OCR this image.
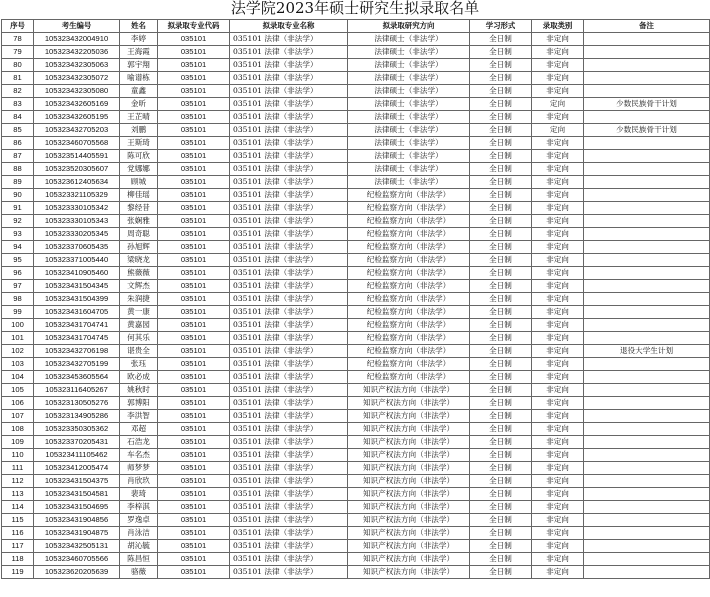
法学院2023年硕士研究生拟录取名单
序号	考生编号	姓名	拟录取专业代码	拟录取专业名称	拟录取研究方向	学习形式	录取类别	备注
78	105323432004910	李婷	035101	035101 法律（非法学）	法律硕士（非法学）	全日制	非定向	
79	105323432205036	王海霞	035101	035101 法律（非法学）	法律硕士（非法学）	全日制	非定向	
80	105323432305063	郭宇翔	035101	035101 法律（非法学）	法律硕士（非法学）	全日制	非定向	
81	105323432305072	喻谱栋	035101	035101 法律（非法学）	法律硕士（非法学）	全日制	非定向	
82	105323432305080	童鑫	035101	035101 法律（非法学）	法律硕士（非法学）	全日制	非定向	
83	105323432605169	金昕	035101	035101 法律（非法学）	法律硕士（非法学）	全日制	定向	少数民族骨干计划
84	105323432605195	王芷晴	035101	035101 法律（非法学）	法律硕士（非法学）	全日制	非定向	
85	105323432705203	刘鹏	035101	035101 法律（非法学）	法律硕士（非法学）	全日制	定向	少数民族骨干计划
86	105323460705568	王斯琦	035101	035101 法律（非法学）	法律硕士（非法学）	全日制	非定向	
87	105323514405591	陈可欣	035101	035101 法律（非法学）	法律硕士（非法学）	全日制	非定向	
88	105323520305607	党娜娜	035101	035101 法律（非法学）	法律硕士（非法学）	全日制	非定向	
89	105323612405634	顾城	035101	035101 法律（非法学）	法律硕士（非法学）	全日制	非定向	
90	105323321105329	柳佳瑶	035101	035101 法律（非法学）	纪检监察方向（非法学）	全日制	非定向	
91	105323330105342	黎经昔	035101	035101 法律（非法学）	纪检监察方向（非法学）	全日制	非定向	
92	105323330105343	张娴雅	035101	035101 法律（非法学）	纪检监察方向（非法学）	全日制	非定向	
93	105323330205345	周奇聪	035101	035101 法律（非法学）	纪检监察方向（非法学）	全日制	非定向	
94	105323370605435	孙旭辉	035101	035101 法律（非法学）	纪检监察方向（非法学）	全日制	非定向	
95	105323371005440	梁晓龙	035101	035101 法律（非法学）	纪检监察方向（非法学）	全日制	非定向	
96	105323410905460	熊薇薇	035101	035101 法律（非法学）	纪检监察方向（非法学）	全日制	非定向	
97	105323431504345	文辉杰	035101	035101 法律（非法学）	纪检监察方向（非法学）	全日制	非定向	
98	105323431504399	朱润捷	035101	035101 法律（非法学）	纪检监察方向（非法学）	全日制	非定向	
99	105323431604705	黄一康	035101	035101 法律（非法学）	纪检监察方向（非法学）	全日制	非定向	
100	105323431704741	黄嘉园	035101	035101 法律（非法学）	纪检监察方向（非法学）	全日制	非定向	
101	105323431704745	何其乐	035101	035101 法律（非法学）	纪检监察方向（非法学）	全日制	非定向	
102	105323432706198	谌贵全	035101	035101 法律（非法学）	纪检监察方向（非法学）	全日制	非定向	退役大学生计划
103	105323432705199	张珏	035101	035101 法律（非法学）	纪检监察方向（非法学）	全日制	非定向	
104	105323453605564	欧必成	035101	035101 法律（非法学）	纪检监察方向（非法学）	全日制	非定向	
105	105323116405267	姚秋时	035101	035101 法律（非法学）	知识产权法方向（非法学）	全日制	非定向	
106	105323130505276	郭博阳	035101	035101 法律（非法学）	知识产权法方向（非法学）	全日制	非定向	
107	105323134905286	李洪智	035101	035101 法律（非法学）	知识产权法方向（非法学）	全日制	非定向	
108	105323350305362	邓超	035101	035101 法律（非法学）	知识产权法方向（非法学）	全日制	非定向	
109	105323370205431	石浩龙	035101	035101 法律（非法学）	知识产权法方向（非法学）	全日制	非定向	
110	105323411105462	车名杰	035101	035101 法律（非法学）	知识产权法方向（非法学）	全日制	非定向	
111	105323412005474	师梦梦	035101	035101 法律（非法学）	知识产权法方向（非法学）	全日制	非定向	
112	105323431504375	肖欣玖	035101	035101 法律（非法学）	知识产权法方向（非法学）	全日制	非定向	
113	105323431504581	裴琦	035101	035101 法律（非法学）	知识产权法方向（非法学）	全日制	非定向	
114	105323431504695	李梓淇	035101	035101 法律（非法学）	知识产权法方向（非法学）	全日制	非定向	
115	105323431904856	罗逸卓	035101	035101 法律（非法学）	知识产权法方向（非法学）	全日制	非定向	
116	105323431904875	肖泳洁	035101	035101 法律（非法学）	知识产权法方向（非法学）	全日制	非定向	
117	105323432505131	胡沁毓	035101	035101 法律（非法学）	知识产权法方向（非法学）	全日制	非定向	
118	105323460705566	陈昌恒	035101	035101 法律（非法学）	知识产权法方向（非法学）	全日制	非定向	
119	105323620205639	骆薇	035101	035101 法律（非法学）	知识产权法方向（非法学）	全日制	非定向	
